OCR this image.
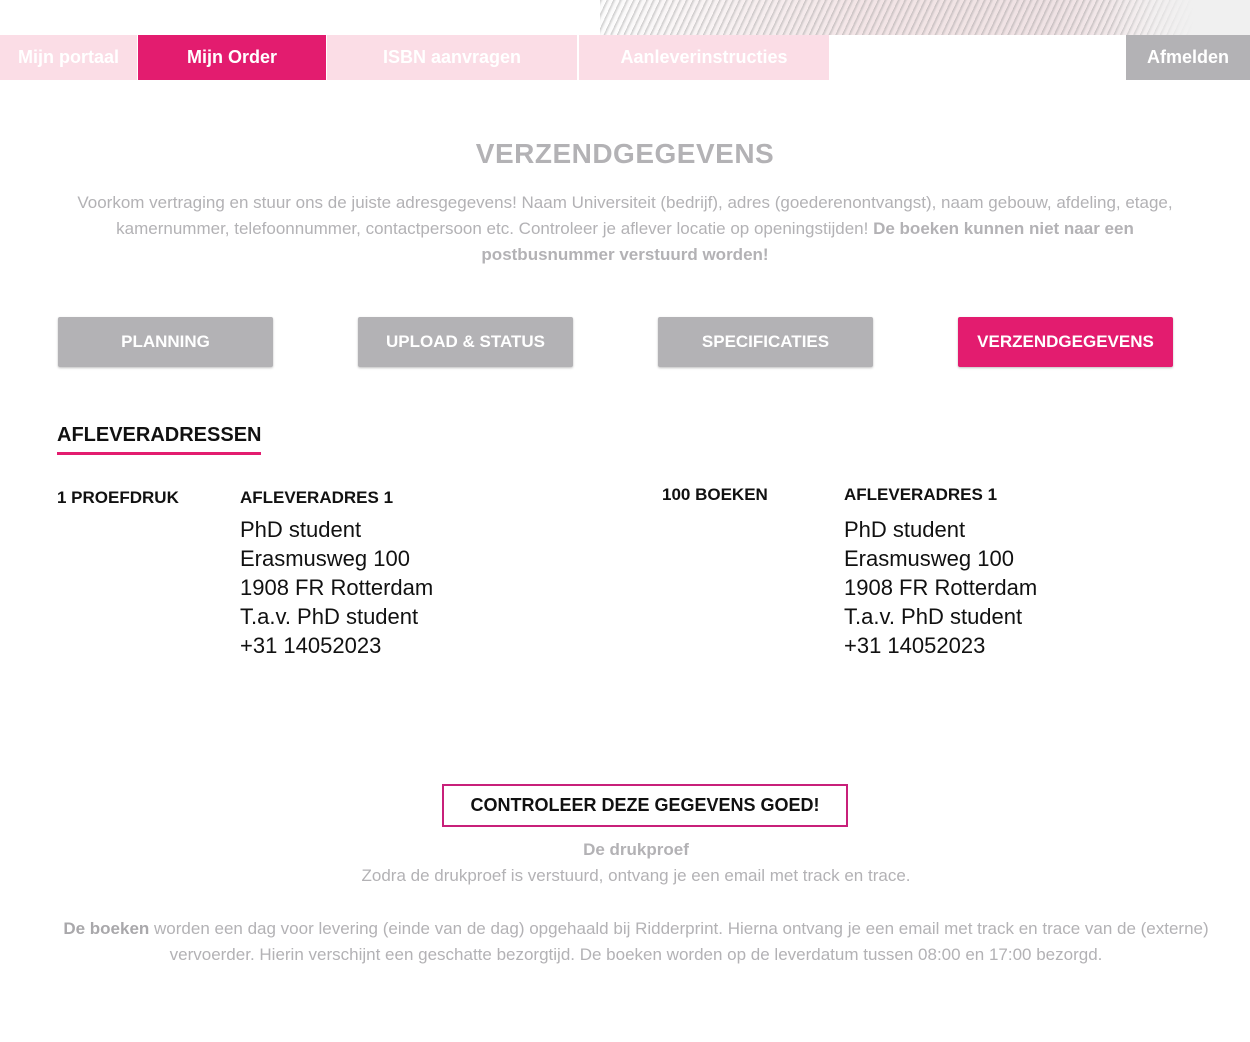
Mijn portaal	Mijn Order	ISBN aanvragen	Aanleverinstructies	Afmelden
VERZENDGEGEVENS
Voorkom vertraging en stuur ons de juiste adresgegevens! Naam Universiteit (bedrijf), adres (goederenontvangst), naam gebouw, afdeling, etage, kamernummer, telefoonnummer, contactpersoon etc. Controleer je aflever locatie op openingstijden! De boeken kunnen niet naar een postbusnummer verstuurd worden!
PLANNING	UPLOAD & STATUS	SPECIFICATIES	VERZENDGEGEVENS
AFLEVERADRESSEN
1 PROEFDRUK	AFLEVERADRES 1
PhD student
Erasmusweg 100
1908 FR Rotterdam
T.a.v. PhD student
+31 14052023
100 BOEKEN	AFLEVERADRES 1
PhD student
Erasmusweg 100
1908 FR Rotterdam
T.a.v. PhD student
+31 14052023
CONTROLEER DEZE GEGEVENS GOED!
De drukproef
Zodra de drukproef is verstuurd, ontvang je een email met track en trace.
De boeken worden een dag voor levering (einde van de dag) opgehaald bij Ridderprint. Hierna ontvang je een email met track en trace van de (externe) vervoerder. Hierin verschijnt een geschatte bezorgtijd. De boeken worden op de leverdatum tussen 08:00 en 17:00 bezorgd.
